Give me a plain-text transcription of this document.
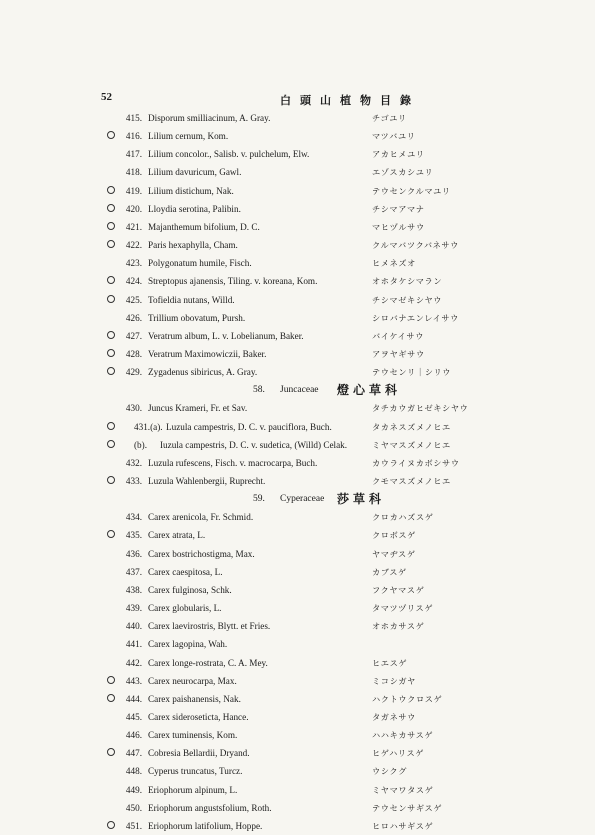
52	白頭山植物目錄
415. Disporum smilliacinum, A. Gray.	チゴユリ
416. Lilium cernum, Kom.	マツバユリ
417. Lilium concolor., Salisb. v. pulchelum, Elw.	アカヒメユリ
418. Lilium davuricum, Gawl.	エゾスカシユリ
419. Lilium distichum, Nak.	テウセンクルマユリ
420. Lloydia serotina, Palibin.	チシマアマナ
421. Majanthemum bifolium, D. C.	マヒヅルサウ
422. Paris hexaphylla, Cham.	クルマバツクバネサウ
423. Polygonatum humile, Fisch.	ヒメネズオ
424. Streptopus ajanensis, Tiling. v. koreana, Kom.	オホタケシマラン
425. Tofieldia nutans, Willd.	チシマゼキシヤウ
426. Trillium obovatum, Pursh.	シロバナエンレイサウ
427. Veratrum album, L. v. Lobelianum, Baker.	バイケイサウ
428. Veratrum Maximowiczii, Baker.	アヲヤギサウ
429. Zygadenus sibiricus, A. Gray.	テウセンリ｜シリウ
58. Juncaceae 燈心草科
430. Juncus Krameri, Fr. et Sav.	タチカウガヒゼキシヤウ
431.(a). Luzula campestris, D. C. v. pauciflora, Buch.	タカネスズメノヒエ
(b). Iuzula campestris, D. C. v. sudetica, (Willd) Celak.	ミヤマスズメノヒエ
432. Luzula rufescens, Fisch. v. macrocarpa, Buch.	カウライヌカボシサウ
433. Luzula Wahlenbergii, Ruprecht.	クモマスズメノヒエ
59. Cyperaceae 莎草科
434. Carex arenicola, Fr. Schmid.	クロカハズスゲ
435. Carex atrata, L.	クロボスゲ
436. Carex bostrichostigma, Max.	ヤマヂスゲ
437. Carex caespitosa, L.	カブスゲ
438. Carex fulginosa, Schk.	フクヤマスゲ
439. Carex globularis, L.	タマツヅリスゲ
440. Carex laevirostris, Blytt. et Fries.	オホカサスゲ
441. Carex lagopina, Wah.
442. Carex longe-rostrata, C. A. Mey.	ヒエスゲ
443. Carex neurocarpa, Max.	ミコシガヤ
444. Carex paishanensis, Nak.	ハクトウクロスゲ
445. Carex sideroseticta, Hance.	タガネサウ
446. Carex tuminensis, Kom.	ハハキカサスゲ
447. Cobresia Bellardii, Dryand.	ヒゲハリスゲ
448. Cyperus truncatus, Turcz.	ウシクグ
449. Eriophorum alpinum, L.	ミヤマワタスゲ
450. Eriophorum angustsfolium, Roth.	テウセンサギスゲ
451. Eriophorum latifolium, Hoppe.	ヒロハサギスゲ
